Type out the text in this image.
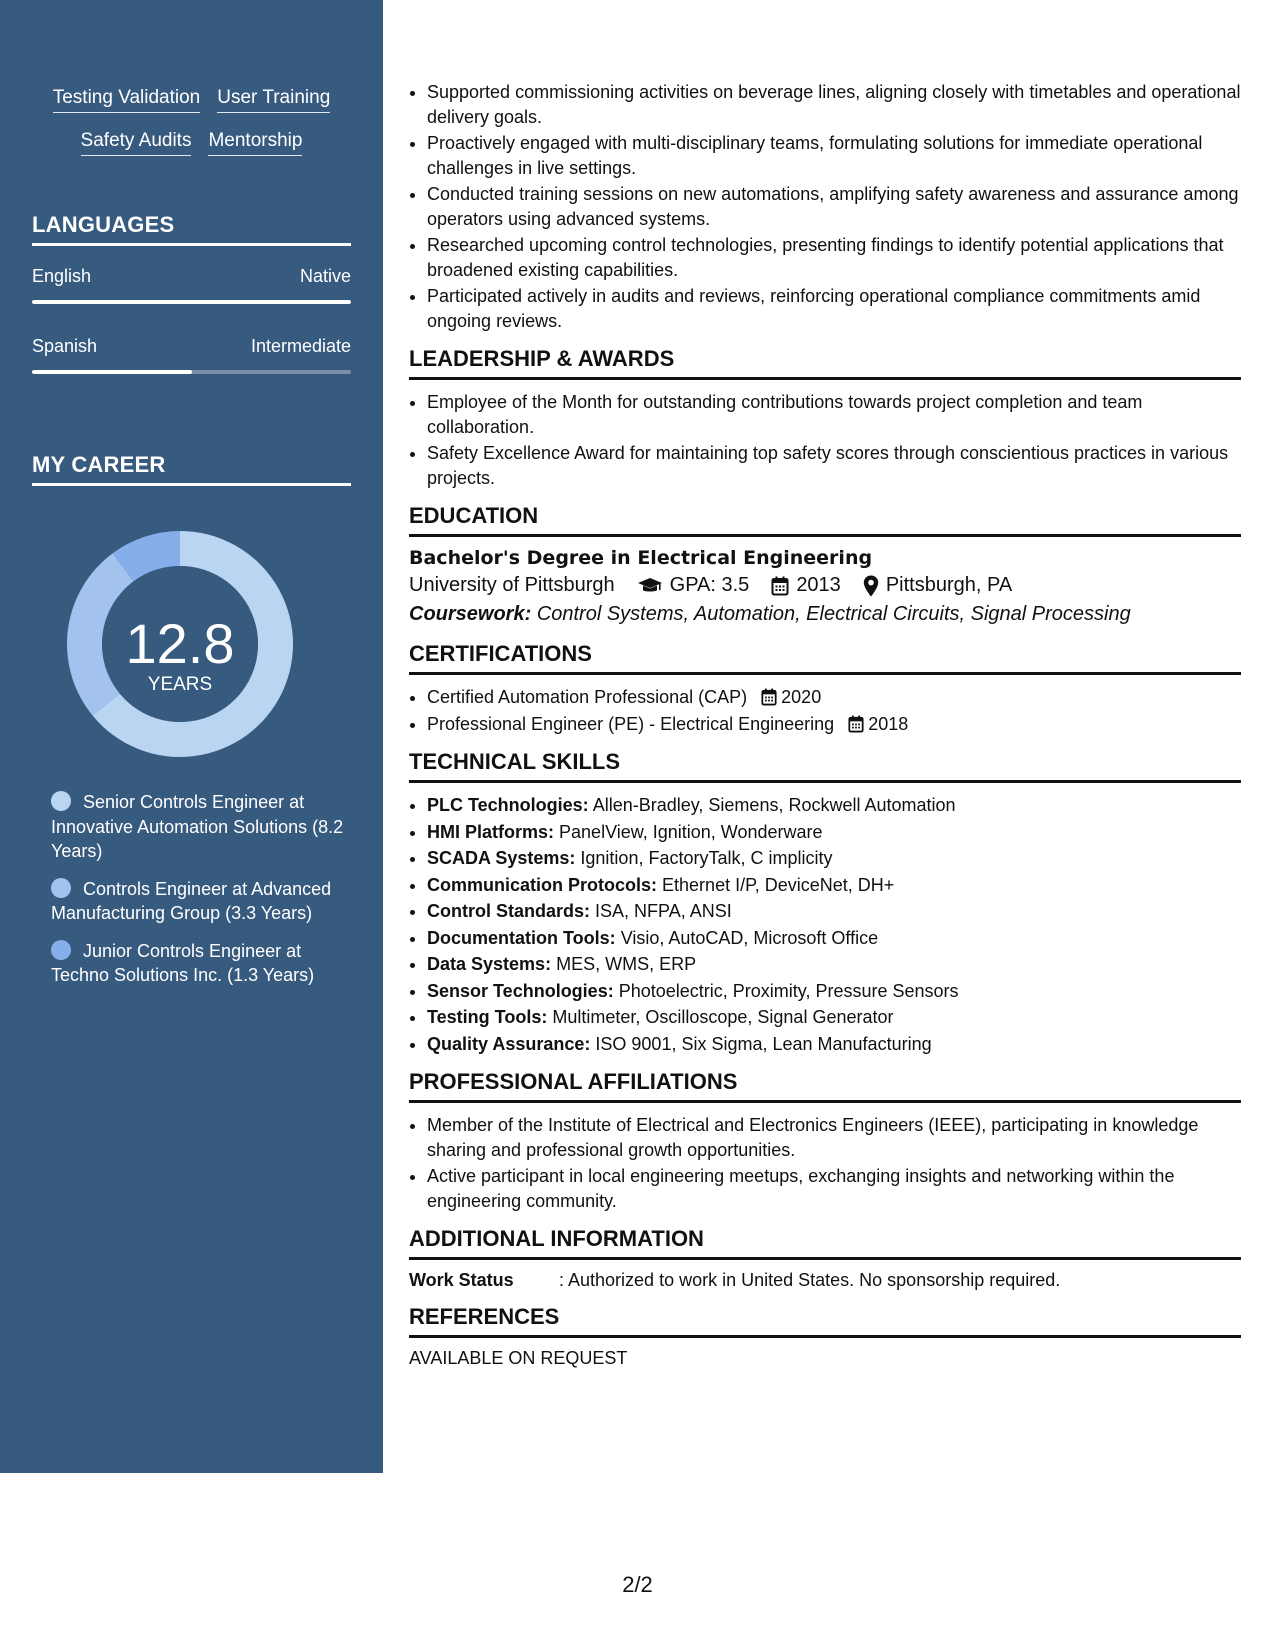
Testing Validation User Training
Safety Audits Mentorship
LANGUAGES
English	Native
Spanish	Intermediate
MY CAREER
12.8
YEARS
Senior Controls Engineer at Innovative Automation Solutions (8.2 Years)
Controls Engineer at Advanced Manufacturing Group (3.3 Years)
Junior Controls Engineer at Techno Solutions Inc. (1.3 Years)
• Supported commissioning activities on beverage lines, aligning closely with timetables and operational delivery goals.
• Proactively engaged with multi-disciplinary teams, formulating solutions for immediate operational challenges in live settings.
• Conducted training sessions on new automations, amplifying safety awareness and assurance among operators using advanced systems.
• Researched upcoming control technologies, presenting findings to identify potential applications that broadened existing capabilities.
• Participated actively in audits and reviews, reinforcing operational compliance commitments amid ongoing reviews.
LEADERSHIP & AWARDS
• Employee of the Month for outstanding contributions towards project completion and team collaboration.
• Safety Excellence Award for maintaining top safety scores through conscientious practices in various projects.
EDUCATION
Bachelor's Degree in Electrical Engineering
University of Pittsburgh	GPA: 3.5 2013 Pittsburgh, PA
Coursework: Control Systems, Automation, Electrical Circuits, Signal Processing
CERTIFICATIONS
• Certified Automation Professional (CAP) 2020
• Professional Engineer (PE) - Electrical Engineering 2018
TECHNICAL SKILLS
• PLC Technologies: Allen-Bradley, Siemens, Rockwell Automation
• HMI Platforms: PanelView, Ignition, Wonderware
• SCADA Systems: Ignition, FactoryTalk, C implicity
• Communication Protocols: Ethernet I/P, DeviceNet, DH+
• Control Standards: ISA, NFPA, ANSI
• Documentation Tools: Visio, AutoCAD, Microsoft Office
• Data Systems: MES, WMS, ERP
• Sensor Technologies: Photoelectric, Proximity, Pressure Sensors
• Testing Tools: Multimeter, Oscilloscope, Signal Generator
• Quality Assurance: ISO 9001, Six Sigma, Lean Manufacturing
PROFESSIONAL AFFILIATIONS
• Member of the Institute of Electrical and Electronics Engineers (IEEE), participating in knowledge sharing and professional growth opportunities.
• Active participant in local engineering meetups, exchanging insights and networking within the engineering community.
ADDITIONAL INFORMATION
Work Status	: Authorized to work in United States. No sponsorship required.
REFERENCES
AVAILABLE ON REQUEST
2/2
